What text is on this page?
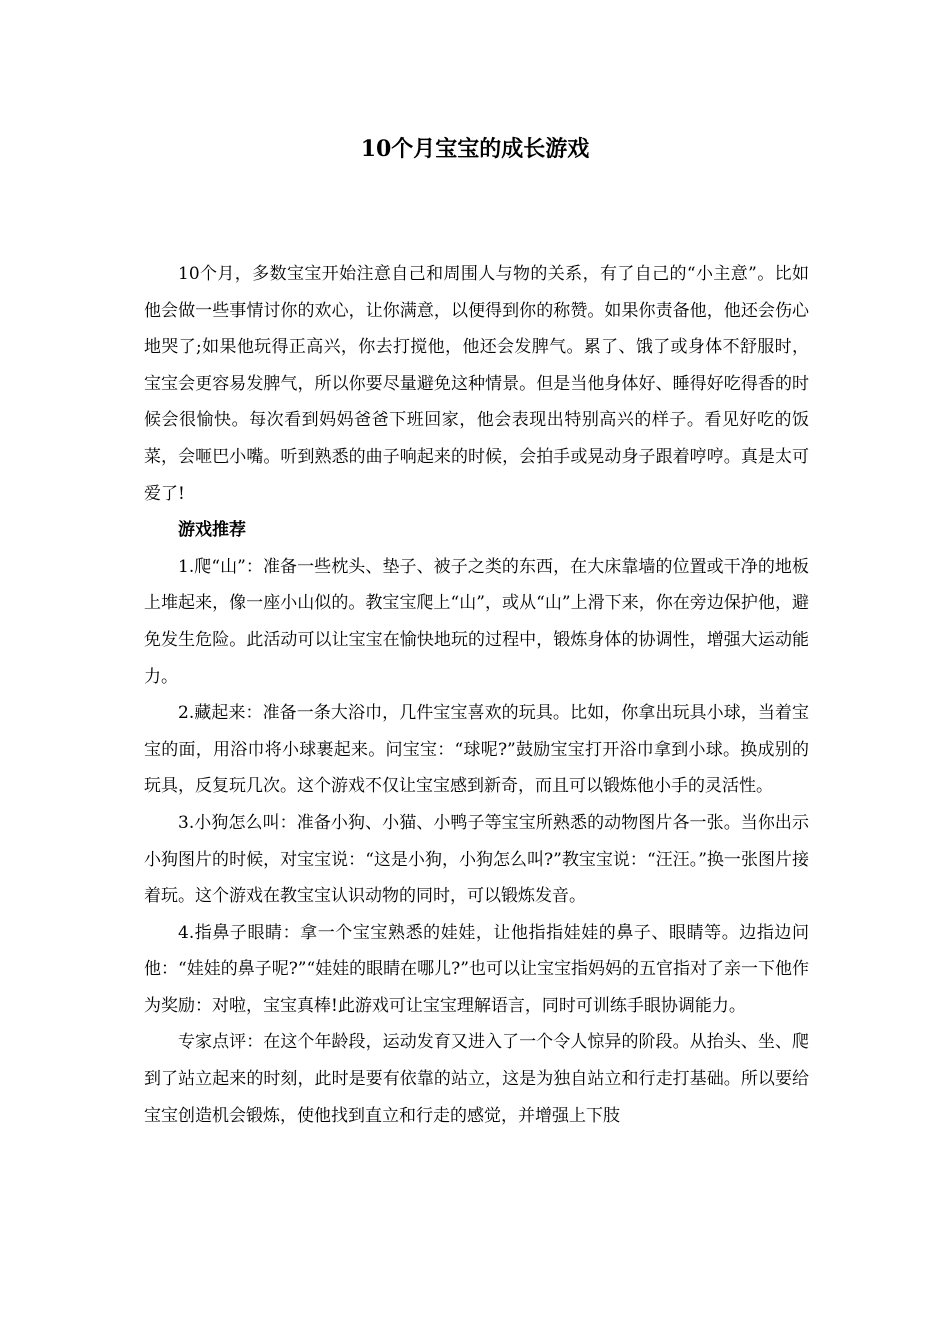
10个月宝宝的成长游戏

10个月，多数宝宝开始注意自己和周围人与物的关系，有了自己的“小主意”。比如他会做一些事情讨你的欢心，让你满意，以便得到你的称赞。如果你责备他，他还会伤心地哭了;如果他玩得正高兴，你去打搅他，他还会发脾气。累了、饿了或身体不舒服时，宝宝会更容易发脾气，所以你要尽量避免这种情景。但是当他身体好、睡得好吃得香的时候会很愉快。每次看到妈妈爸爸下班回家，他会表现出特别高兴的样子。看见好吃的饭菜，会咂巴小嘴。听到熟悉的曲子响起来的时候，会拍手或晃动身子跟着哼哼。真是太可爱了!

游戏推荐

1.爬“山”：准备一些枕头、垫子、被子之类的东西，在大床靠墙的位置或干净的地板上堆起来，像一座小山似的。教宝宝爬上“山”，或从“山”上滑下来，你在旁边保护他，避免发生危险。此活动可以让宝宝在愉快地玩的过程中，锻炼身体的协调性，增强大运动能力。

2.藏起来：准备一条大浴巾，几件宝宝喜欢的玩具。比如，你拿出玩具小球，当着宝宝的面，用浴巾将小球裹起来。问宝宝：“球呢?”鼓励宝宝打开浴巾拿到小球。换成别的玩具，反复玩几次。这个游戏不仅让宝宝感到新奇，而且可以锻炼他小手的灵活性。

3.小狗怎么叫：准备小狗、小猫、小鸭子等宝宝所熟悉的动物图片各一张。当你出示小狗图片的时候，对宝宝说：“这是小狗，小狗怎么叫?”教宝宝说：“汪汪。”换一张图片接着玩。这个游戏在教宝宝认识动物的同时，可以锻炼发音。

4.指鼻子眼睛：拿一个宝宝熟悉的娃娃，让他指指娃娃的鼻子、眼睛等。边指边问他：“娃娃的鼻子呢?”“娃娃的眼睛在哪儿?”也可以让宝宝指妈妈的五官指对了亲一下他作为奖励：对啦，宝宝真棒!此游戏可让宝宝理解语言，同时可训练手眼协调能力。

专家点评：在这个年龄段，运动发育又进入了一个令人惊异的阶段。从抬头、坐、爬到了站立起来的时刻，此时是要有依靠的站立，这是为独自站立和行走打基础。所以要给宝宝创造机会锻炼，使他找到直立和行走的感觉，并增强上下肢
